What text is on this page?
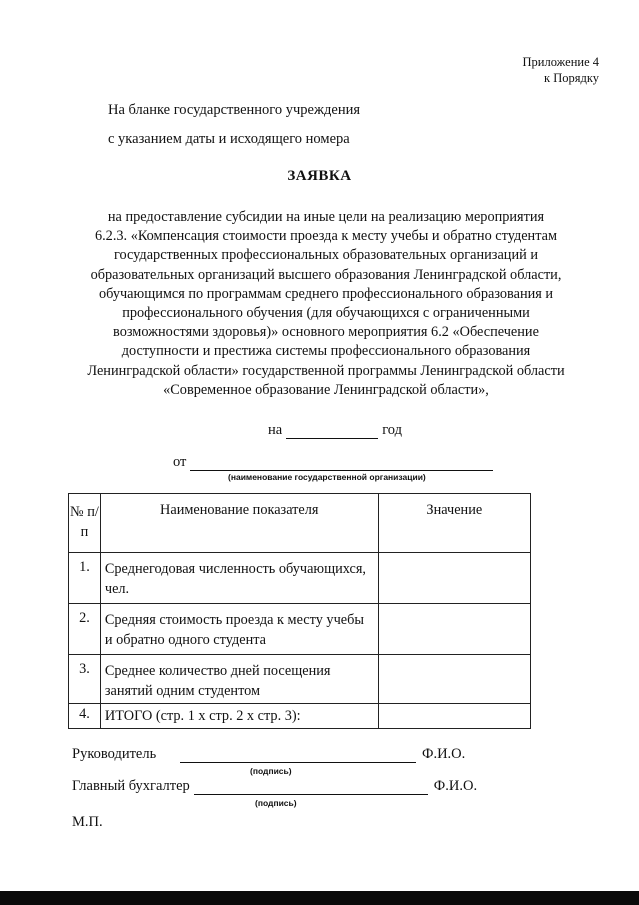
Приложение 4
к Порядку
На бланке государственного учреждения
с указанием даты и исходящего номера
ЗАЯВКА
на предоставление субсидии на иные цели на реализацию мероприятия
6.2.3. «Компенсация стоимости проезда к месту учебы и обратно студентам
государственных профессиональных образовательных организаций и
образовательных организаций высшего образования Ленинградской области,
обучающимся по программам среднего профессионального образования и
профессионального обучения (для обучающихся с ограниченными
возможностями здоровья)» основного мероприятия 6.2 «Обеспечение
доступности и престижа системы профессионального образования
Ленинградской области» государственной программы Ленинградской области
«Современное образование Ленинградской области»,
на	год
от
(наименование государственной организации)
№ п/п	Наименование показателя	Значение

1.	Среднегодовая численность обучающихся, чел.	

2.	Средняя стоимость проезда к месту учебы и обратно одного студента	

3.	Среднее количество дней посещения занятий одним студентом	

4.	ИТОГО (стр. 1 х стр. 2 х стр. 3):	

Руководитель	Ф.И.О.
(подпись)
Главный бухгалтер	Ф.И.О.
(подпись)
М.П.
